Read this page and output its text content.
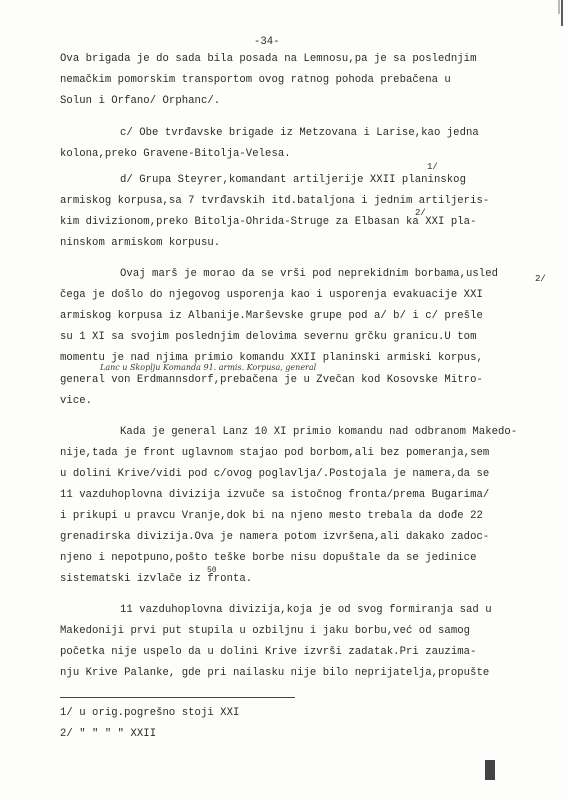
-34-
Ova brigada je do sada bila posada na Lemnosu,pa je sa poslednjim
nemačkim pomorskim transportom ovog ratnog pohoda prebačena u
Solun i Orfano/ Orphanc/.
c/ Obe tvrđavske brigade iz Metzovana i Larise,kao jedna
kolona,preko Gravene-Bitolja-Velesa.
1/
d/ Grupa Steyrer,komandant artiljerije XXII planinskog
armiskog korpusa,sa 7 tvrđavskih itd.bataljona i jednim artiljeris-
2/
kim divizionom,preko Bitolja-Ohrida-Struge za Elbasan ka XXI pla-
ninskom armiskom korpusu.
Ovaj marš je morao da se vrši pod neprekidnim borbama,usled	2/
čega je došlo do njegovog usporenja kao i usporenja evakuacije XXI
armiskog korpusa iz Albanije.Marševske grupe pod a/ b/ i c/ prešle
su 1 XI sa svojim poslednjim delovima severnu grčku granicu.U tom
momentu je nad njima primio komandu XXII planinski armiski korpus,
Lanc u Skoplju Komanda 91. armis. Korpusa, general
general von Erdmannsdorf,prebačena je u Zvečan kod Kosovske Mitro-
vice.
Kada je general Lanz 10 XI primio komandu nad odbranom Makedo-
nije,tada je front uglavnom stajao pod borbom,ali bez pomeranja,sem
u dolini Krive/vidi pod c/ovog poglavlja/.Postojala je namera,da se
11 vazduhoplovna divizija izvuče sa istočnog fronta/prema Bugarima/
i prikupi u pravcu Vranje,dok bi na njeno mesto trebala da dođe 22
grenadirska divizija.Ova je namera potom izvršena,ali dakako zadoc-
njeno i nepotpuno,pošto teške borbe nisu dopuštale da se jedinice
50
sistematski izvlače iz fronta.
11 vazduhoplovna divizija,koja je od svog formiranja sad u
Makedoniji prvi put stupila u ozbiljnu i jaku borbu,već od samog
početka nije uspelo da u dolini Krive izvrši zadatak.Pri zauzima-
nju Krive Palanke, gde pri nailasku nije bilo neprijatelja,propušte
1/ u orig.pogrešno stoji XXI
2/ " " " " XXII
